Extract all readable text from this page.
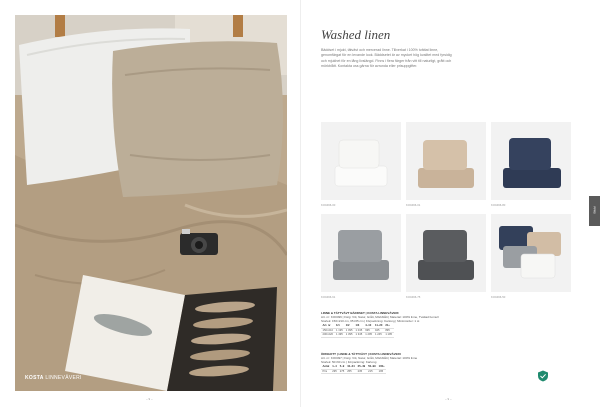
KOSTA LINNEVÄVERI
– 9 –
Washed linen
Bäddset i mjukt, tätvävt och mercerad linne. Tillverkat i 100% tvättat linne, genomfärgat för en levande look. Bäddsetet är av mycket hög kvalitet med fyrsidig och mjukhet för en lång livslängd. Finns i flera färger från vitt till naturligt, grått och mörkblått. Kontakta oss gärna för avrunda eller prisuppgifter.
KO0496-00	KO0496-01	KO0496-80
KO0496-61	KO0496-75	KO0496-50
Bädd
LINNE & TÄTTVÄVT BÄDDSET | KOSTA LINNEVÄVERI
Art. nr: KO0496 | Färg: Vitt, Natur, Grått, Mörkblått | Material: 100% linne, Tvättad bomull
Storlek: 150×210 cm, 65×65 cm | Förpackning: Kartong | Minimiorder: 1 st
Art. nr	1/1	1/2	1/3	4–10	11–20	21+
150×210	1 195	1 095	1 045	995	945	895
200×220	1 495	1 395	1 345	1 295	1 245	1 195
ÖRNGOTT | LINNE & TÄTTVÄVT | KOSTA LINNEVÄVERI
Art. nr: KO0497 | Färg: Vitt, Natur, Grått, Mörkblått | Material: 100% linne
Storlek: 50×60 cm | Förpackning: Kartong
Antal	1–4	5–9	10–24	25–49	50–99	100+
Pris	295	275	255	235	215	195
– 9 –
